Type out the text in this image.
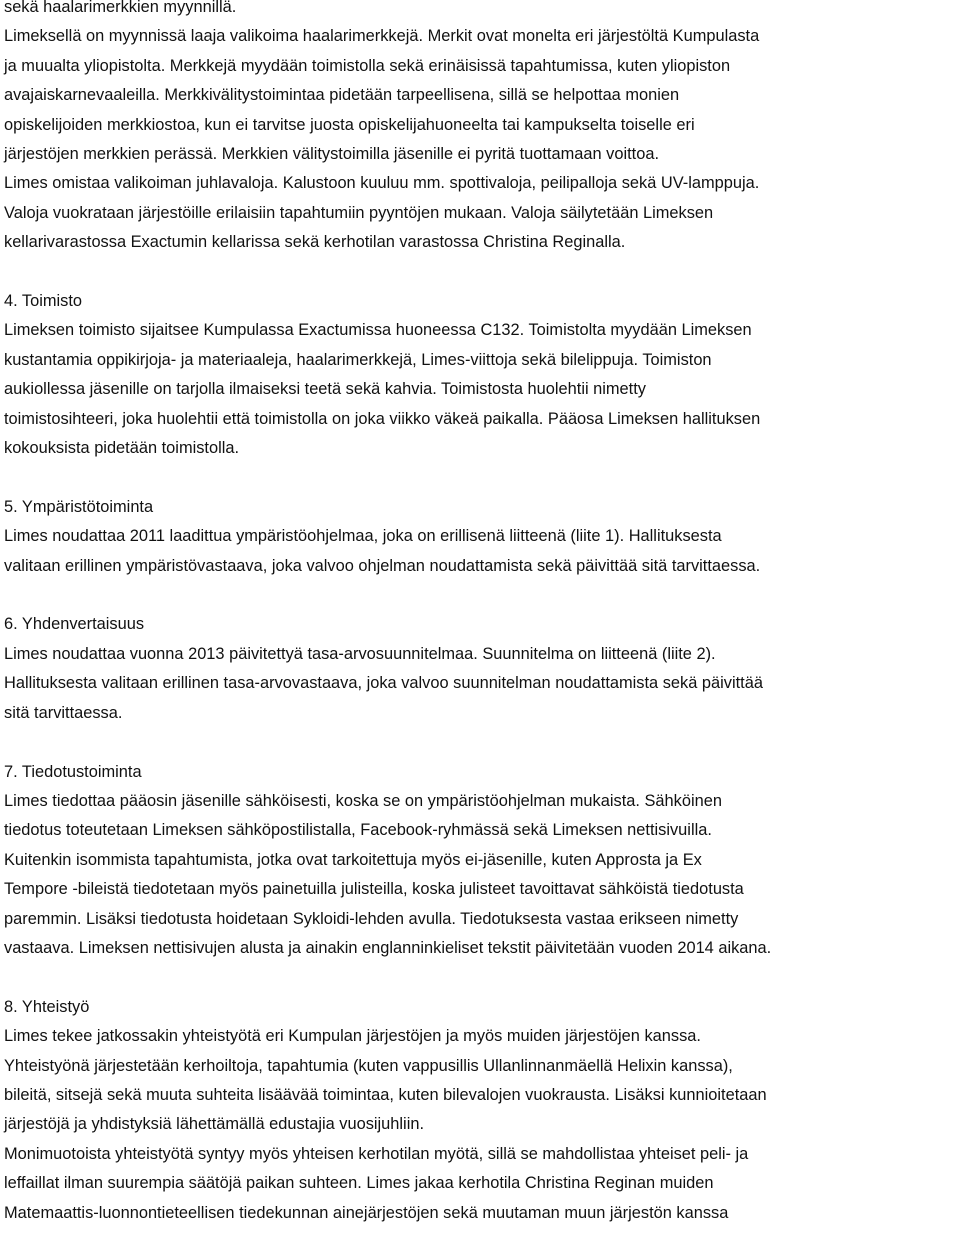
sekä haalarimerkkien myynnillä.
Limeksellä on myynnissä laaja valikoima haalarimerkkejä. Merkit ovat monelta eri järjestöltä Kumpulasta
ja muualta yliopistolta. Merkkejä myydään toimistolla sekä erinäisissä tapahtumissa, kuten yliopiston
avajaiskarnevaaleilla. Merkkivälitystoimintaa pidetään tarpeellisena, sillä se helpottaa monien
opiskelijoiden merkkiostoa, kun ei tarvitse juosta opiskelijahuoneelta tai kampukselta toiselle eri
järjestöjen merkkien perässä. Merkkien välitystoimilla jäsenille ei pyritä tuottamaan voittoa.
Limes omistaa valikoiman juhlavaloja. Kalustoon kuuluu mm. spottivaloja, peilipalloja sekä UV-lamppuja.
Valoja vuokrataan järjestöille erilaisiin tapahtumiin pyyntöjen mukaan. Valoja säilytetään Limeksen
kellarivarastossa Exactumin kellarissa sekä kerhotilan varastossa Christina Reginalla.

4. Toimisto

Limeksen toimisto sijaitsee Kumpulassa Exactumissa huoneessa C132. Toimistolta myydään Limeksen
kustantamia oppikirjoja- ja materiaaleja, haalarimerkkejä, Limes-viittoja sekä bilelippuja. Toimiston
aukiollessa jäsenille on tarjolla ilmaiseksi teetä sekä kahvia. Toimistosta huolehtii nimetty
toimistosihteeri, joka huolehtii että toimistolla on joka viikko väkeä paikalla. Pääosa Limeksen hallituksen
kokouksista pidetään toimistolla.

5. Ympäristötoiminta

Limes noudattaa 2011 laadittua ympäristöohjelmaa, joka on erillisenä liitteenä (liite 1). Hallituksesta
valitaan erillinen ympäristövastaava, joka valvoo ohjelman noudattamista sekä päivittää sitä tarvittaessa.

6. Yhdenvertaisuus

Limes noudattaa vuonna 2013 päivitettyä tasa-arvosuunnitelmaa. Suunnitelma on liitteenä (liite 2).
Hallituksesta valitaan erillinen tasa-arvovastaava, joka valvoo suunnitelman noudattamista sekä päivittää
sitä tarvittaessa.

7. Tiedotustoiminta

Limes tiedottaa pääosin jäsenille sähköisesti, koska se on ympäristöohjelman mukaista. Sähköinen
tiedotus toteutetaan Limeksen sähköpostilistalla, Facebook-ryhmässä sekä Limeksen nettisivuilla.
Kuitenkin isommista tapahtumista, jotka ovat tarkoitettuja myös ei-jäsenille, kuten Approsta ja Ex
Tempore -bileistä tiedotetaan myös painetuilla julisteilla, koska julisteet tavoittavat sähköistä tiedotusta
paremmin. Lisäksi tiedotusta hoidetaan Sykloidi-lehden avulla. Tiedotuksesta vastaa erikseen nimetty
vastaava. Limeksen nettisivujen alusta ja ainakin englanninkieliset tekstit päivitetään vuoden 2014 aikana.

8. Yhteistyö

Limes tekee jatkossakin yhteistyötä eri Kumpulan järjestöjen ja myös muiden järjestöjen kanssa.
Yhteistyönä järjestetään kerhoiltoja, tapahtumia (kuten vappusillis Ullanlinnanmäellä Helixin kanssa),
bileitä, sitsejä sekä muuta suhteita lisäävää toimintaa, kuten bilevalojen vuokrausta. Lisäksi kunnioitetaan
järjestöjä ja yhdistyksiä lähettämällä edustajia vuosijuhliin.
Monimuotoista yhteistyötä syntyy myös yhteisen kerhotilan myötä, sillä se mahdollistaa yhteiset peli- ja
leffaillat ilman suurempia säätöjä paikan suhteen. Limes jakaa kerhotila Christina Reginan muiden
Matemaattis-luonnontieteellisen tiedekunnan ainejärjestöjen sekä muutaman muun järjestön kanssa
